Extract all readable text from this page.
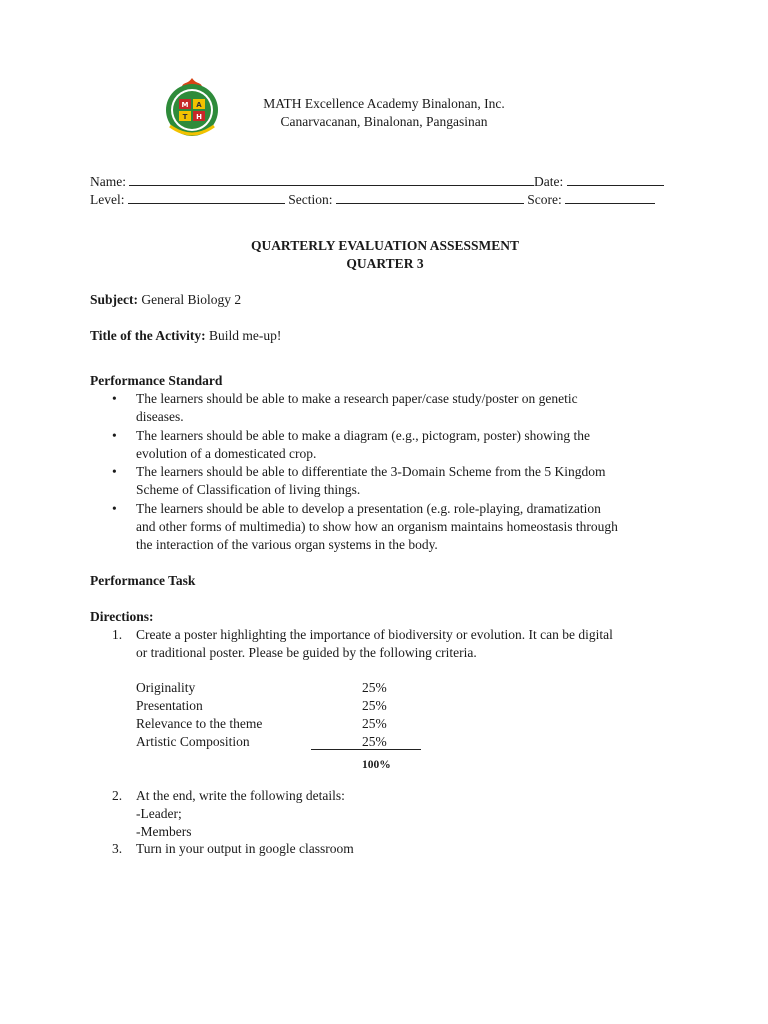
M A
T H
MATH Excellence Academy Binalonan, Inc.
Canarvacanan, Binalonan, Pangasinan
Name:	Date:
Level:	Section:	Score:
QUARTERLY EVALUATION ASSESSMENT
QUARTER 3
Subject: General Biology 2
Title of the Activity: Build me-up!
Performance Standard
•	The learners should be able to make a research paper/case study/poster on genetic
diseases.
•	The learners should be able to make a diagram (e.g., pictogram, poster) showing the
evolution of a domesticated crop.
•	The learners should be able to differentiate the 3-Domain Scheme from the 5 Kingdom
Scheme of Classification of living things.
•	The learners should be able to develop a presentation (e.g. role-playing, dramatization
and other forms of multimedia) to show how an organism maintains homeostasis through
the interaction of the various organ systems in the body.
Performance Task
Directions:
1.	Create a poster highlighting the importance of biodiversity or evolution. It can be digital
or traditional poster. Please be guided by the following criteria.
Originality	25%
Presentation	25%
Relevance to the theme	25%
Artistic Composition	25%
100%
2.	At the end, write the following details:
-Leader;
-Members
3.	Turn in your output in google classroom
